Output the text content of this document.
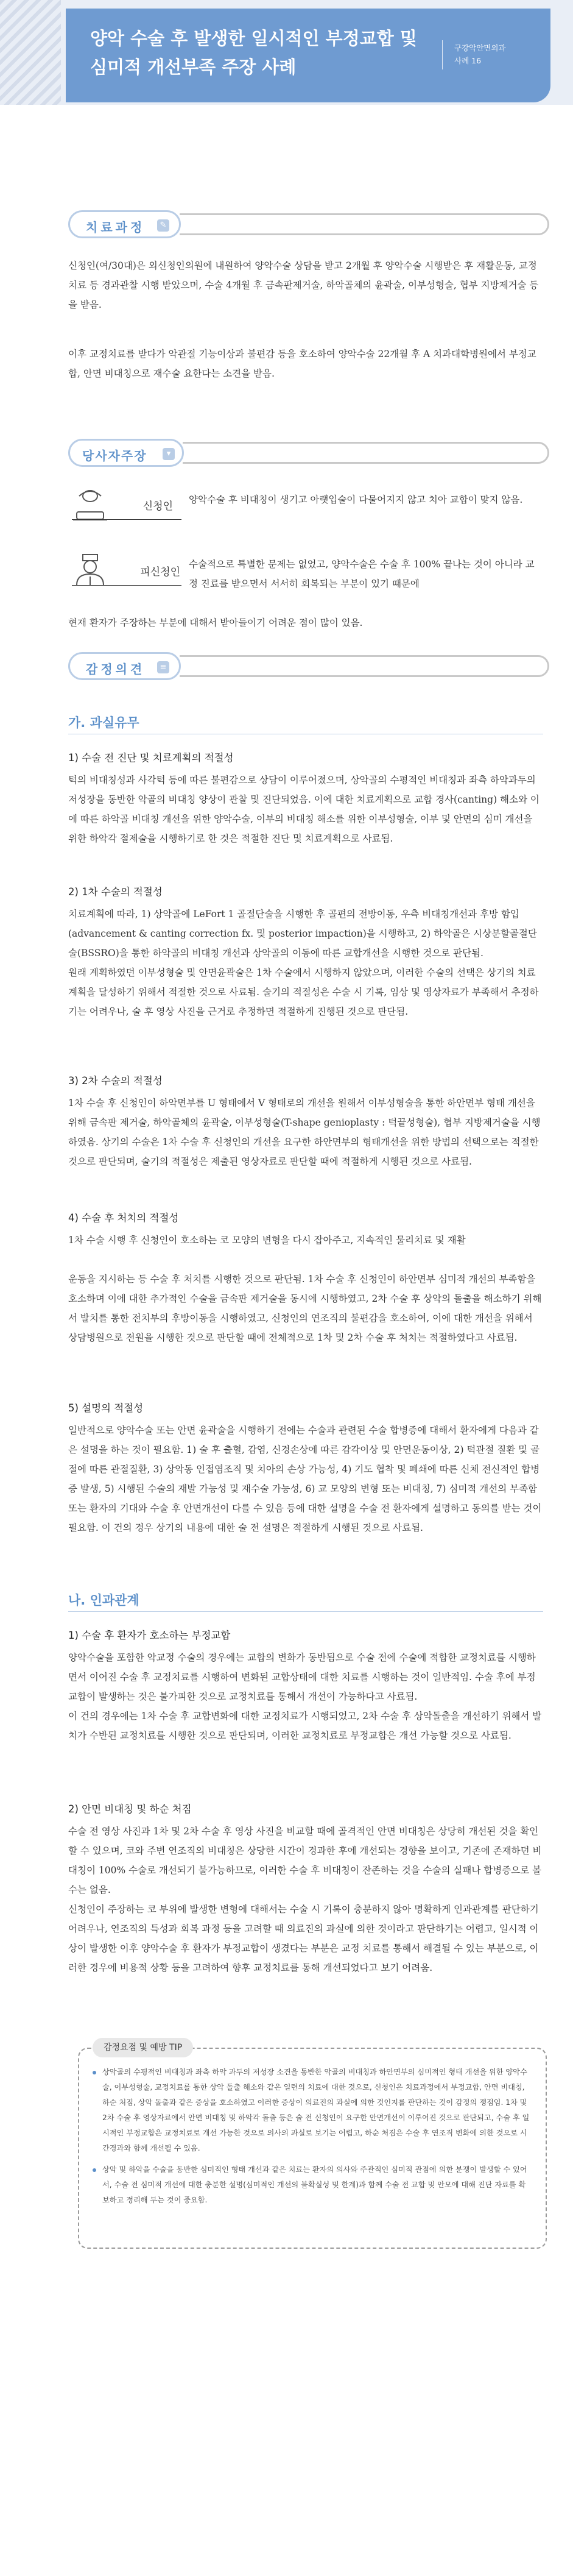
양악 수술 후 발생한 일시적인 부정교합 및 심미적 개선부족 주장 사례
구강악안면외과
사례 16
치료과정	✎
신청인(여/30대)은 외신청인의원에 내원하여 양악수술 상담을 받고 2개월 후 양악수술 시행받은 후 재활운동, 교정치료 등 경과관찰 시행 받았으며, 수술 4개월 후 금속판제거술, 하악골체의 윤곽술, 이부성형술, 협부 지방제거술 등을 받음.
이후 교정치료를 받다가 악관절 기능이상과 불편감 등을 호소하여 양악수술 22개월 후 A 치과대학병원에서 부정교합, 안면 비대칭으로 재수술 요한다는 소견을 받음.
당사자주장	▾
신청인
양악수술 후 비대칭이 생기고 아랫입술이 다물어지지 않고 치아 교합이 맞지 않음.
피신청인
수술적으로 특별한 문제는 없었고, 양악수술은 수술 후 100% 끝나는 것이 아니라 교정 진료를 받으면서 서서히 회복되는 부분이 있기 때문에
현재 환자가 주장하는 부분에 대해서 받아들이기 어려운 점이 많이 있음.
감정의견	≡
가. 과실유무
1) 수술 전 진단 및 치료계획의 적절성
턱의 비대칭성과 사각턱 등에 따른 불편감으로 상담이 이루어졌으며, 상악골의 수평적인 비대칭과 좌측 하악과두의 저성장을 동반한 악골의 비대칭 양상이 관찰 및 진단되었음. 이에 대한 치료계획으로 교합 경사(canting) 해소와 이에 따른 하악골 비대칭 개선을 위한 양악수술, 이부의 비대칭 해소를 위한 이부성형술, 이부 및 안면의 심미 개선을 위한 하악각 절제술을 시행하기로 한 것은 적절한 진단 및 치료계획으로 사료됨.
2) 1차 수술의 적절성
치료계획에 따라, 1) 상악골에 LeFort 1 골절단술을 시행한 후 골편의 전방이동, 우측 비대칭개선과 후방 함입(advancement & canting correction fx. 및 posterior impaction)을 시행하고, 2) 하악골은 시상분할골절단술(BSSRO)을 통한 하악골의 비대칭 개선과 상악골의 이동에 따른 교합개선을 시행한 것으로 판단됨.
원래 계획하였던 이부성형술 및 안면윤곽술은 1차 수술에서 시행하지 않았으며, 이러한 수술의 선택은 상기의 치료계획을 달성하기 위해서 적절한 것으로 사료됨. 술기의 적절성은 수술 시 기록, 임상 및 영상자료가 부족해서 추정하기는 어려우나, 술 후 영상 사진을 근거로 추정하면 적절하게 진행된 것으로 판단됨.
3) 2차 수술의 적절성
1차 수술 후 신청인이 하악면부를 U 형태에서 V 형태로의 개선을 원해서 이부성형술을 통한 하안면부 형태 개선을 위해 금속판 제거술, 하악골체의 윤곽술, 이부성형술(T-shape genioplasty : 턱끝성형술), 협부 지방제거술을 시행하였음. 상기의 수술은 1차 수술 후 신청인의 개선을 요구한 하안면부의 형태개선을 위한 방법의 선택으로는 적절한 것으로 판단되며, 술기의 적절성은 제출된 영상자료로 판단할 때에 적절하게 시행된 것으로 사료됨.
4) 수술 후 처치의 적절성
1차 수술 시행 후 신청인이 호소하는 코 모양의 변형을 다시 잡아주고, 지속적인 물리치료 및 재활

운동을 지시하는 등 수술 후 처치를 시행한 것으로 판단됨. 1차 수술 후 신청인이 하안면부 심미적 개선의 부족함을 호소하며 이에 대한 추가적인 수술을 금속판 제거술을 동시에 시행하였고, 2차 수술 후 상악의 돌출을 해소하기 위해서 발치를 통한 전치부의 후방이동을 시행하였고, 신청인의 연조직의 불편감을 호소하여, 이에 대한 개선을 위해서 상담병원으로 전원을 시행한 것으로 판단할 때에 전체적으로 1차 및 2차 수술 후 처치는 적절하였다고 사료됨.
5) 설명의 적절성
일반적으로 양악수술 또는 안면 윤곽술을 시행하기 전에는 수술과 관련된 수술 합병증에 대해서 환자에게 다음과 같은 설명을 하는 것이 필요함. 1) 술 후 출혈, 감염, 신경손상에 따른 감각이상 및 안면운동이상, 2) 턱관절 질환 및 골절에 따른 관절질환, 3) 상악동 인접염조직 및 치아의 손상 가능성, 4) 기도 협착 및 폐쇄에 따른 신체 전신적인 합병증 발생, 5) 시행된 수술의 재발 가능성 및 재수술 가능성, 6) 교 모양의 변형 또는 비대칭, 7) 심미적 개선의 부족함 또는 환자의 기대와 수술 후 안면개선이 다를 수 있음 등에 대한 설명을 수술 전 환자에게 설명하고 동의를 받는 것이 필요함. 이 건의 경우 상기의 내용에 대한 술 전 설명은 적절하게 시행된 것으로 사료됨.
나. 인과관계
1) 수술 후 환자가 호소하는 부정교합
양악수술을 포함한 악교정 수술의 경우에는 교합의 변화가 동반됨으로 수술 전에 수술에 적합한 교정치료를 시행하면서 이어진 수술 후 교정치료를 시행하여 변화된 교합상태에 대한 치료를 시행하는 것이 일반적임. 수술 후에 부정교합이 발생하는 것은 불가피한 것으로 교정치료를 통해서 개선이 가능하다고 사료됨.
이 건의 경우에는 1차 수술 후 교합변화에 대한 교정치료가 시행되었고, 2차 수술 후 상악돌출을 개선하기 위해서 발치가 수반된 교정치료를 시행한 것으로 판단되며, 이러한 교정치료로 부정교합은 개선 가능할 것으로 사료됨.
2) 안면 비대칭 및 하순 처짐
수술 전 영상 사진과 1차 및 2차 수술 후 영상 사진을 비교할 때에 골격적인 안면 비대칭은 상당히 개선된 것을 확인할 수 있으며, 코와 주변 연조직의 비대칭은 상당한 시간이 경과한 후에 개선되는 경향을 보이고, 기존에 존재하던 비대칭이 100% 수술로 개선되기 불가능하므로, 이러한 수술 후 비대칭이 잔존하는 것을 수술의 실패나 합병증으로 볼 수는 없음.
신청인이 주장하는 코 부위에 발생한 변형에 대해서는 수술 시 기록이 충분하지 않아 명확하게 인과관계를 판단하기 어려우나, 연조직의 특성과 회복 과정 등을 고려할 때 의료진의 과실에 의한 것이라고 판단하기는 어렵고, 일시적 이상이 발생한 이후 양악수술 후 환자가 부정교합이 생겼다는 부분은 교정 치료를 통해서 해결될 수 있는 부분으로, 이러한 경우에 비용적 상황 등을 고려하여 향후 교정치료를 통해 개선되었다고 보기 어려움.
감정요점 및 예방 TIP
상악골의 수평적인 비대칭과 좌측 하악 과두의 저성장 소견을 동반한 악골의 비대칭과 하안면부의 심미적인 형태 개선을 위한 양악수술, 이부성형술, 교정치료를 통한 상악 돌출 해소와 같은 일련의 치료에 대한 것으로, 신청인은 치료과정에서 부정교합, 안면 비대칭, 하순 처짐, 상악 돌출과 같은 증상을 호소하였고 이러한 증상이 의료진의 과실에 의한 것인지를 판단하는 것이 감정의 쟁점임. 1차 및 2차 수술 후 영상자료에서 안면 비대칭 및 하악각 돌출 등은 술 전 신청인이 요구한 안면개선이 이루어진 것으로 판단되고, 수술 후 일시적인 부정교합은 교정치료로 개선 가능한 것으로 의사의 과실로 보기는 어렵고, 하순 처짐은 수술 후 연조직 변화에 의한 것으로 시간경과와 함께 개선될 수 있음.
상악 및 하악을 수술을 동반한 심미적인 형태 개선과 같은 치료는 환자의 의사와 주관적인 심미적 관점에 의한 분쟁이 발생할 수 있어서, 수술 전 심미적 개선에 대한 충분한 설명(심미적인 개선의 불확실성 및 한계)과 함께 수술 전 교합 및 안모에 대해 진단 자료를 확보하고 정리해 두는 것이 중요함.
